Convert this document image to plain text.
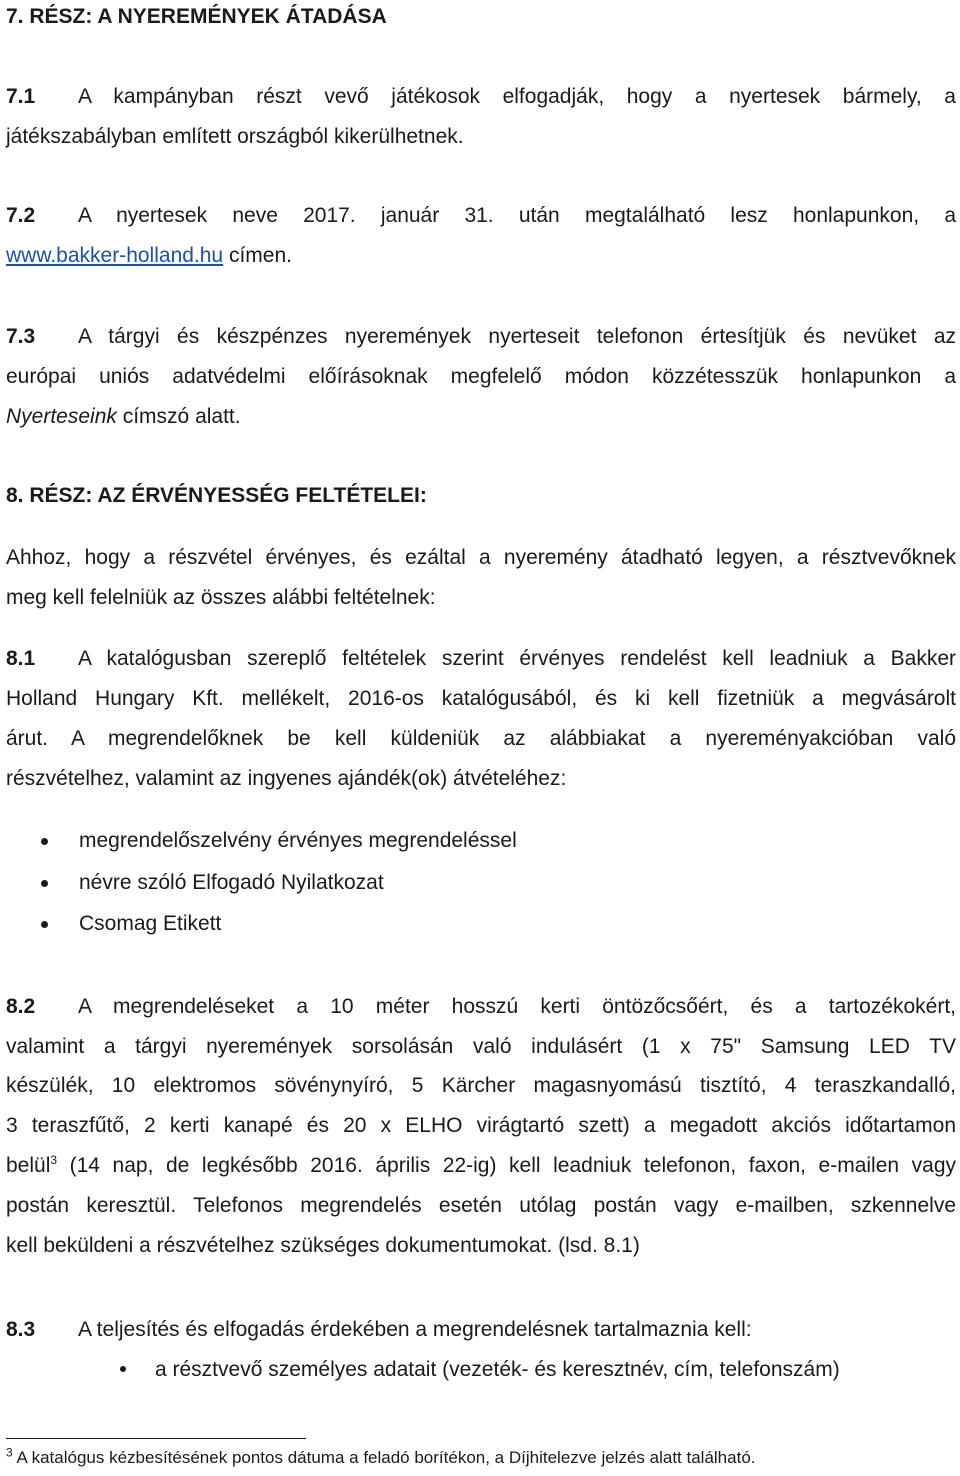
7. RÉSZ: A NYEREMÉNYEK ÁTADÁSA
7.1	A kampányban részt vevő játékosok elfogadják, hogy a nyertesek bármely, a
játékszabályban említett országból kikerülhetnek.
7.2	A nyertesek neve 2017. január 31. után megtalálható lesz honlapunkon, a
www.bakker-holland.hu címen.
7.3	A tárgyi és készpénzes nyeremények nyerteseit telefonon értesítjük és nevüket az
európai uniós adatvédelmi előírásoknak megfelelő módon közzétesszük honlapunkon a
Nyerteseink címszó alatt.
8. RÉSZ: AZ ÉRVÉNYESSÉG FELTÉTELEI:
Ahhoz, hogy a részvétel érvényes, és ezáltal a nyeremény átadható legyen, a résztvevőknek
meg kell felelniük az összes alábbi feltételnek:
8.1	A katalógusban szereplő feltételek szerint érvényes rendelést kell leadniuk a Bakker
Holland Hungary Kft. mellékelt, 2016-os katalógusából, és ki kell fizetniük a megvásárolt
árut. A megrendelőknek be kell küldeniük az alábbiakat a nyereményakcióban való
részvételhez, valamint az ingyenes ajándék(ok) átvételéhez:
megrendelőszelvény érvényes megrendeléssel
névre szóló Elfogadó Nyilatkozat
Csomag Etikett
8.2	A megrendeléseket a 10 méter hosszú kerti öntözőcsőért, és a tartozékokért,
valamint a tárgyi nyeremények sorsolásán való indulásért (1 x 75" Samsung LED TV
készülék, 10 elektromos sövénynyíró, 5 Kärcher magasnyomású tisztító, 4 teraszkandalló,
3 teraszfűtő, 2 kerti kanapé és 20 x ELHO virágtartó szett) a megadott akciós időtartamon
belül$^3$ (14 nap, de legkésőbb 2016. április 22-ig) kell leadniuk telefonon, faxon, e-mailen vagy
postán keresztül. Telefonos megrendelés esetén utólag postán vagy e-mailben, szkennelve
kell beküldeni a részvételhez szükséges dokumentumokat. (lsd. 8.1)
8.3 A teljesítés és elfogadás érdekében a megrendelésnek tartalmaznia kell:
a résztvevő személyes adatait (vezeték- és keresztnév, cím, telefonszám)
$^3$ A katalógus kézbesítésének pontos dátuma a feladó borítékon, a Díjhitelezve jelzés alatt található.
